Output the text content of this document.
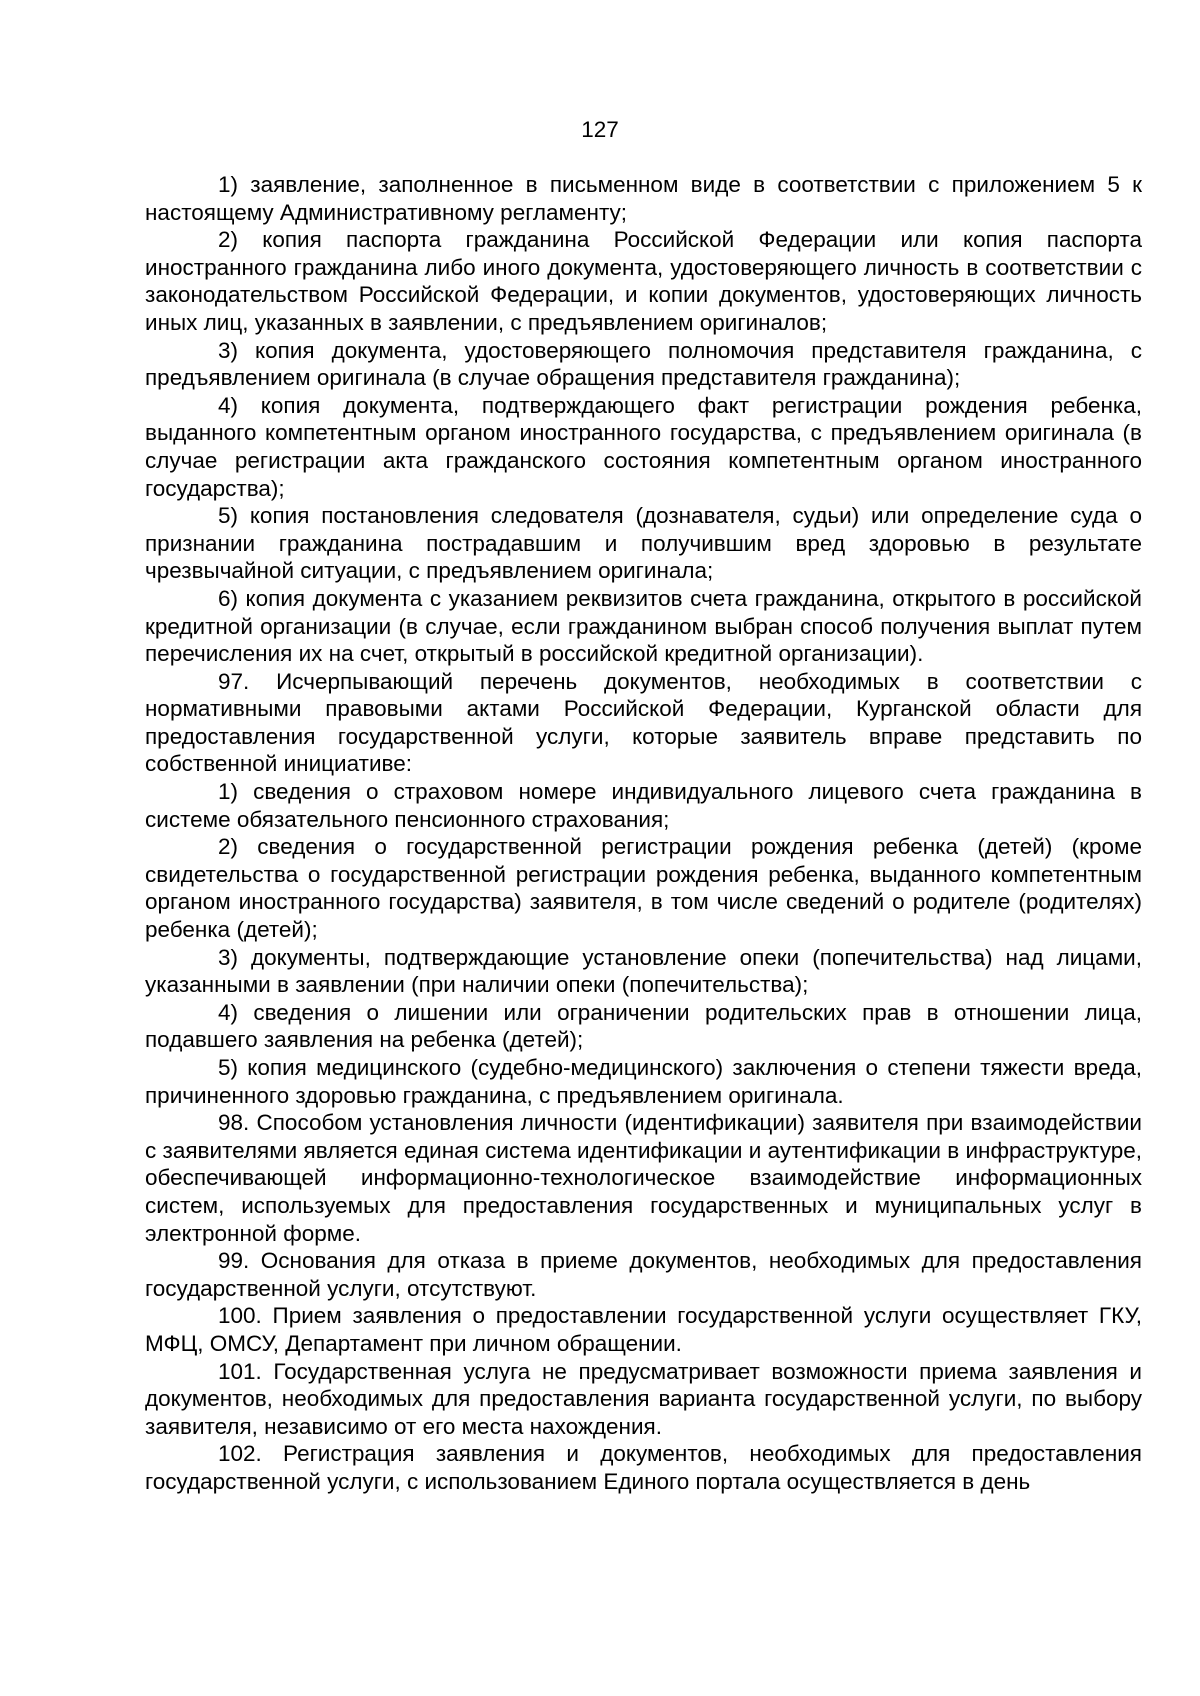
127

1) заявление, заполненное в письменном виде в соответствии с приложением 5 к настоящему Административному регламенту;

2) копия паспорта гражданина Российской Федерации или копия паспорта иностранного гражданина либо иного документа, удостоверяющего личность в соответствии с законодательством Российской Федерации, и копии документов, удостоверяющих личность иных лиц, указанных в заявлении, с предъявлением оригиналов;

3) копия документа, удостоверяющего полномочия представителя гражданина, с предъявлением оригинала (в случае обращения представителя гражданина);

4) копия документа, подтверждающего факт регистрации рождения ребенка, выданного компетентным органом иностранного государства, с предъявлением оригинала (в случае регистрации акта гражданского состояния компетентным органом иностранного государства);

5) копия постановления следователя (дознавателя, судьи) или определение суда о признании гражданина пострадавшим и получившим вред здоровью в результате чрезвычайной ситуации, с предъявлением оригинала;

6) копия документа с указанием реквизитов счета гражданина, открытого в российской кредитной организации (в случае, если гражданином выбран способ получения выплат путем перечисления их на счет, открытый в российской кредитной организации).

97. Исчерпывающий перечень документов, необходимых в соответствии с нормативными правовыми актами Российской Федерации, Курганской области для предоставления государственной услуги, которые заявитель вправе представить по собственной инициативе:

1) сведения о страховом номере индивидуального лицевого счета гражданина в системе обязательного пенсионного страхования;

2) сведения о государственной регистрации рождения ребенка (детей) (кроме свидетельства о государственной регистрации рождения ребенка, выданного компетентным органом иностранного государства) заявителя, в том числе сведений о родителе (родителях) ребенка (детей);

3) документы, подтверждающие установление опеки (попечительства) над лицами, указанными в заявлении (при наличии опеки (попечительства);

4) сведения о лишении или ограничении родительских прав в отношении лица, подавшего заявления на ребенка (детей);

5) копия медицинского (судебно-медицинского) заключения о степени тяжести вреда, причиненного здоровью гражданина, с предъявлением оригинала.

98. Способом установления личности (идентификации) заявителя при взаимодействии с заявителями является единая система идентификации и аутентификации в инфраструктуре, обеспечивающей информационно-технологическое взаимодействие информационных систем, используемых для предоставления государственных и муниципальных услуг в электронной форме.

99. Основания для отказа в приеме документов, необходимых для предоставления государственной услуги, отсутствуют.

100. Прием заявления о предоставлении государственной услуги осуществляет ГКУ, МФЦ, ОМСУ, Департамент при личном обращении.

101. Государственная услуга не предусматривает возможности приема заявления и документов, необходимых для предоставления варианта государственной услуги, по выбору заявителя, независимо от его места нахождения.

102. Регистрация заявления и документов, необходимых для предоставления государственной услуги, с использованием Единого портала осуществляется в день
